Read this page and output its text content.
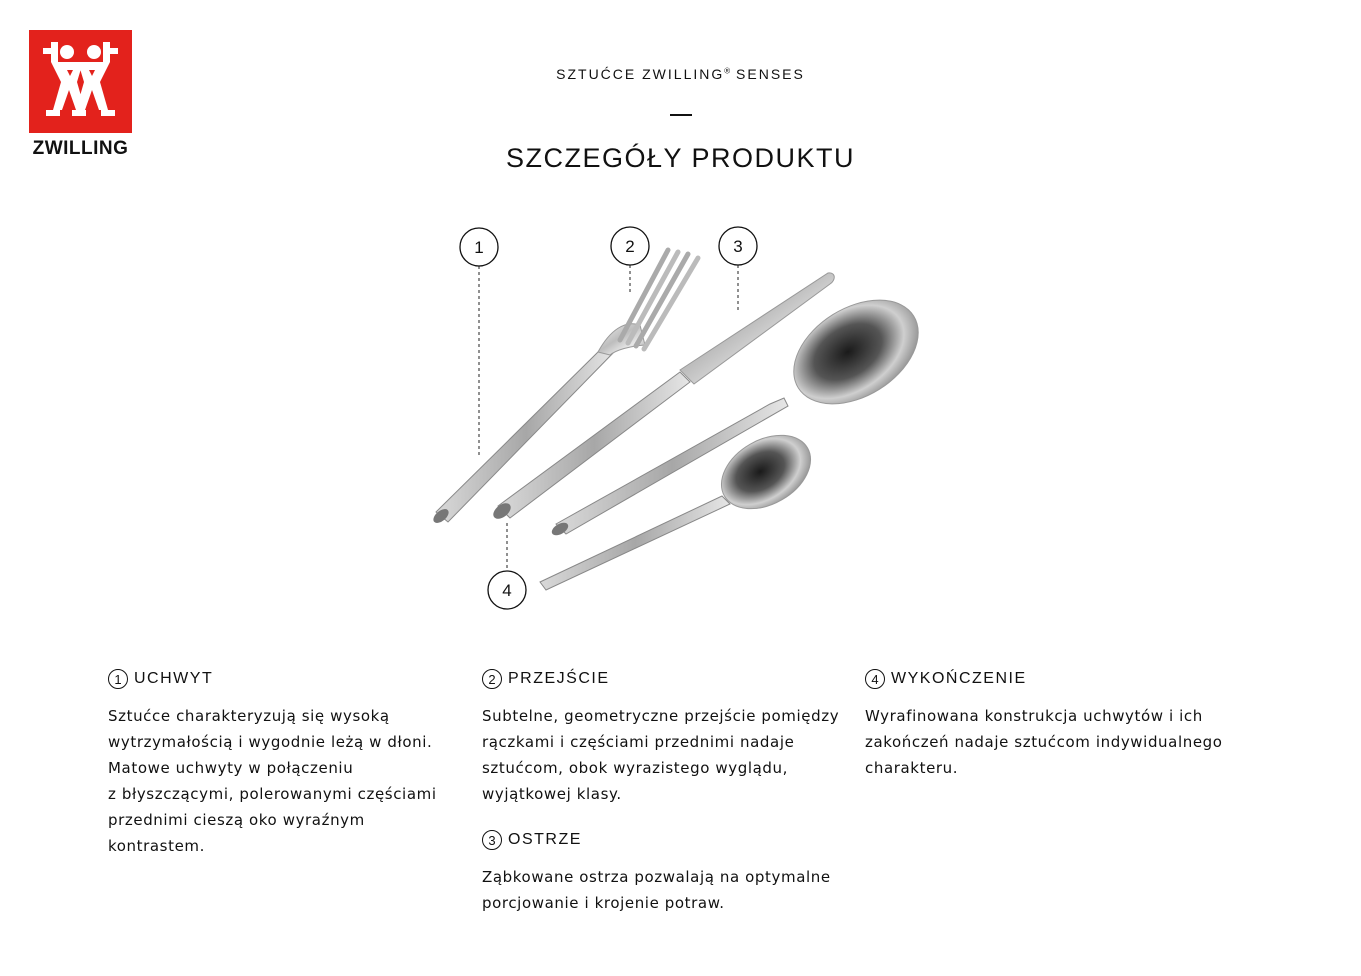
ZWILLING
SZTUĆCE ZWILLING® SENSES
SZCZEGÓŁY PRODUKTU
1	2	3
4
1 UCHWYT

Sztućce charakteryzują się wysoką
wytrzymałością i wygodnie leżą w dłoni.
Matowe uchwyty w połączeniu
z błyszczącymi, polerowanymi częściami
przednimi cieszą oko wyraźnym
kontrastem.

2 PRZEJŚCIE

Subtelne, geometryczne przejście pomiędzy
rączkami i częściami przednimi nadaje
sztućcom, obok wyrazistego wyglądu,
wyjątkowej klasy.

3 OSTRZE

Ząbkowane ostrza pozwalają na optymalne
porcjowanie i krojenie potraw.

4 WYKOŃCZENIE

Wyrafinowana konstrukcja uchwytów i ich
zakończeń nadaje sztućcom indywidualnego
charakteru.
